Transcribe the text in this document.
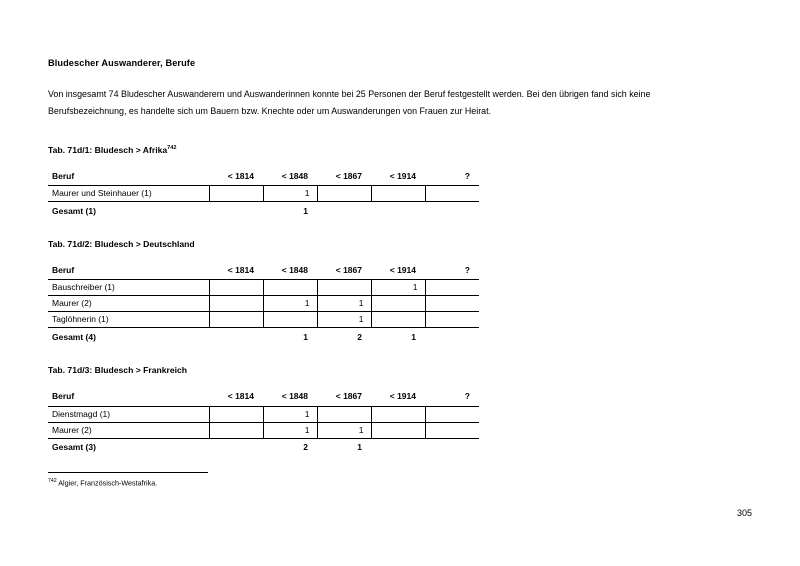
Bludescher Auswanderer, Berufe
Von insgesamt 74 Bludescher Auswanderern und Auswanderinnen konnte bei 25 Personen der Beruf festgestellt werden. Bei den übrigen fand sich keine
Berufsbezeichnung, es handelte sich um Bauern bzw. Knechte oder um Auswanderungen von Frauen zur Heirat.
Tab. 71d/1: Bludesch > Afrika$^{742}$
Beruf	< 1814	< 1848	< 1867	< 1914	?
Maurer und Steinhauer (1)		1			
Gesamt (1)		1			
Tab. 71d/2: Bludesch > Deutschland
Beruf	< 1814	< 1848	< 1867	< 1914	?
Bauschreiber (1)				1	
Maurer (2)		1	1		
Taglöhnerin (1)			1		
Gesamt (4)		1	2	1	
Tab. 71d/3: Bludesch > Frankreich
Beruf	< 1814	< 1848	< 1867	< 1914	?
Dienstmagd (1)		1			
Maurer (2)		1	1		
Gesamt (3)		2	1		
$^{742}$ Algier, Französisch-Westafrika.
305
